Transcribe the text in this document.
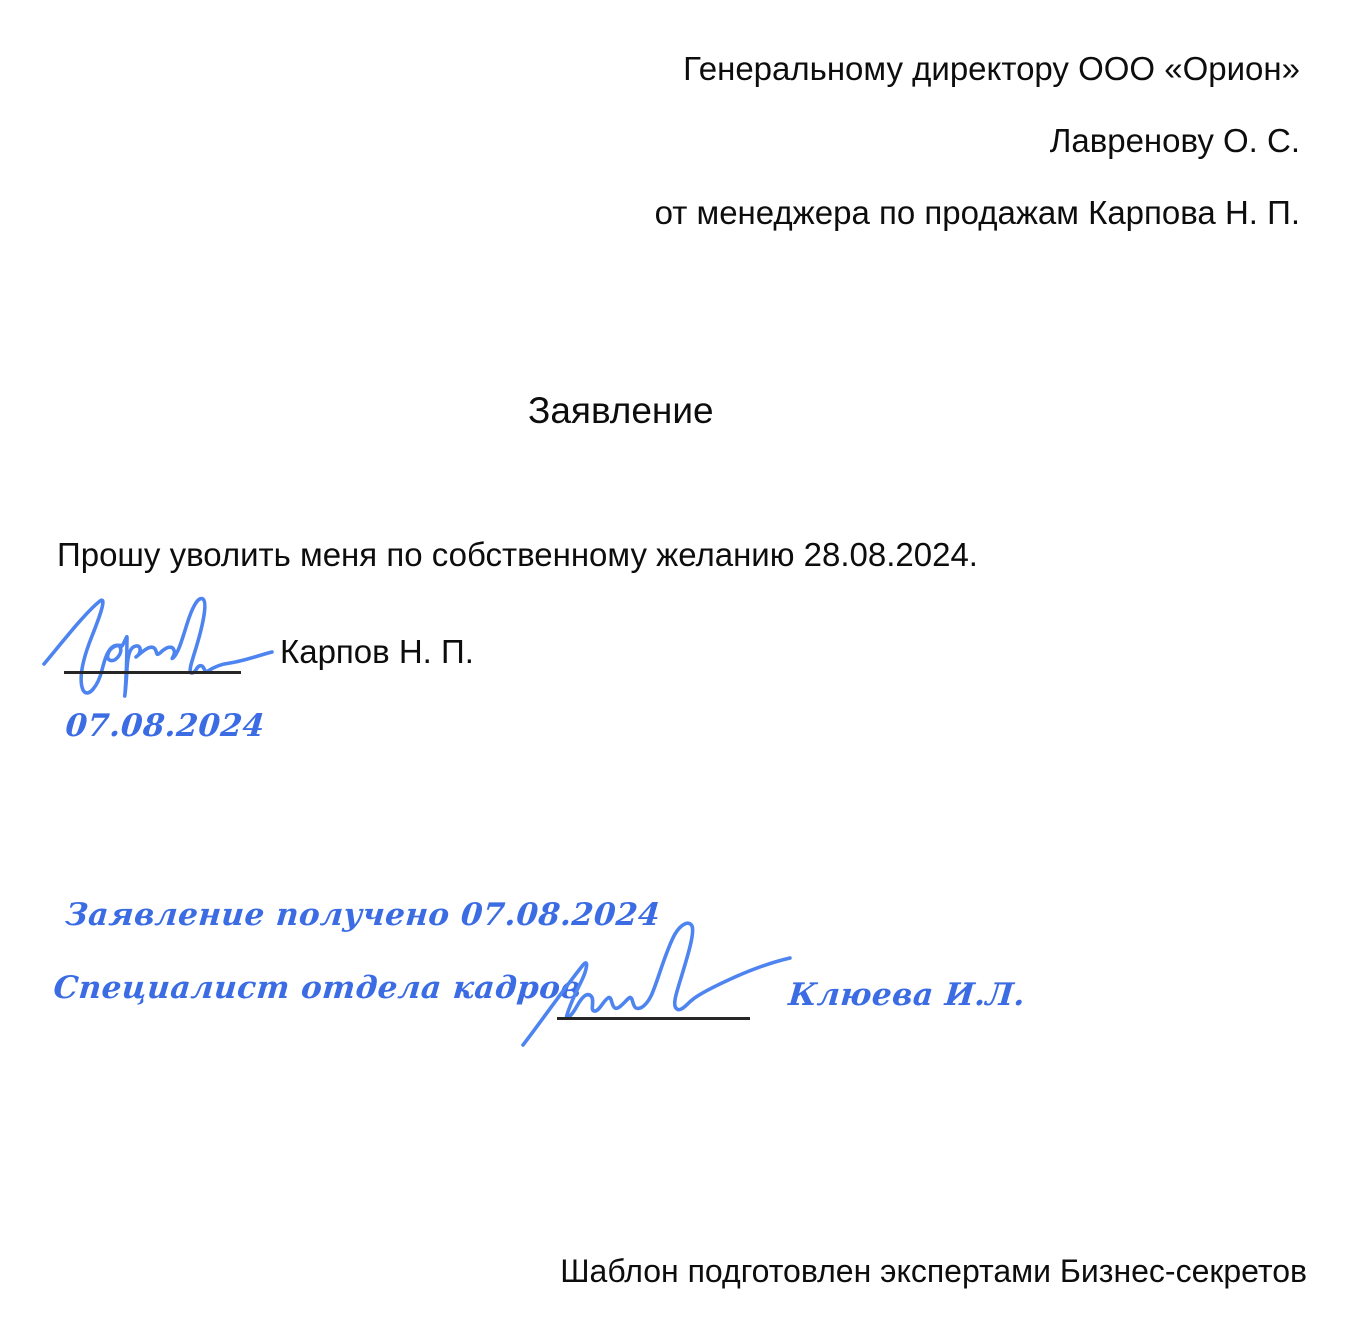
Генеральному директору ООО «Орион»
Лавренову О. С.
от менеджера по продажам Карпова Н. П.
Заявление
Прошу уволить меня по собственному желанию 28.08.2024.
Карпов Н. П.
07.08.2024
Заявление получено 07.08.2024
Специалист отдела кадров	Клюева И.Л.
Шаблон подготовлен экспертами Бизнес-секретов
